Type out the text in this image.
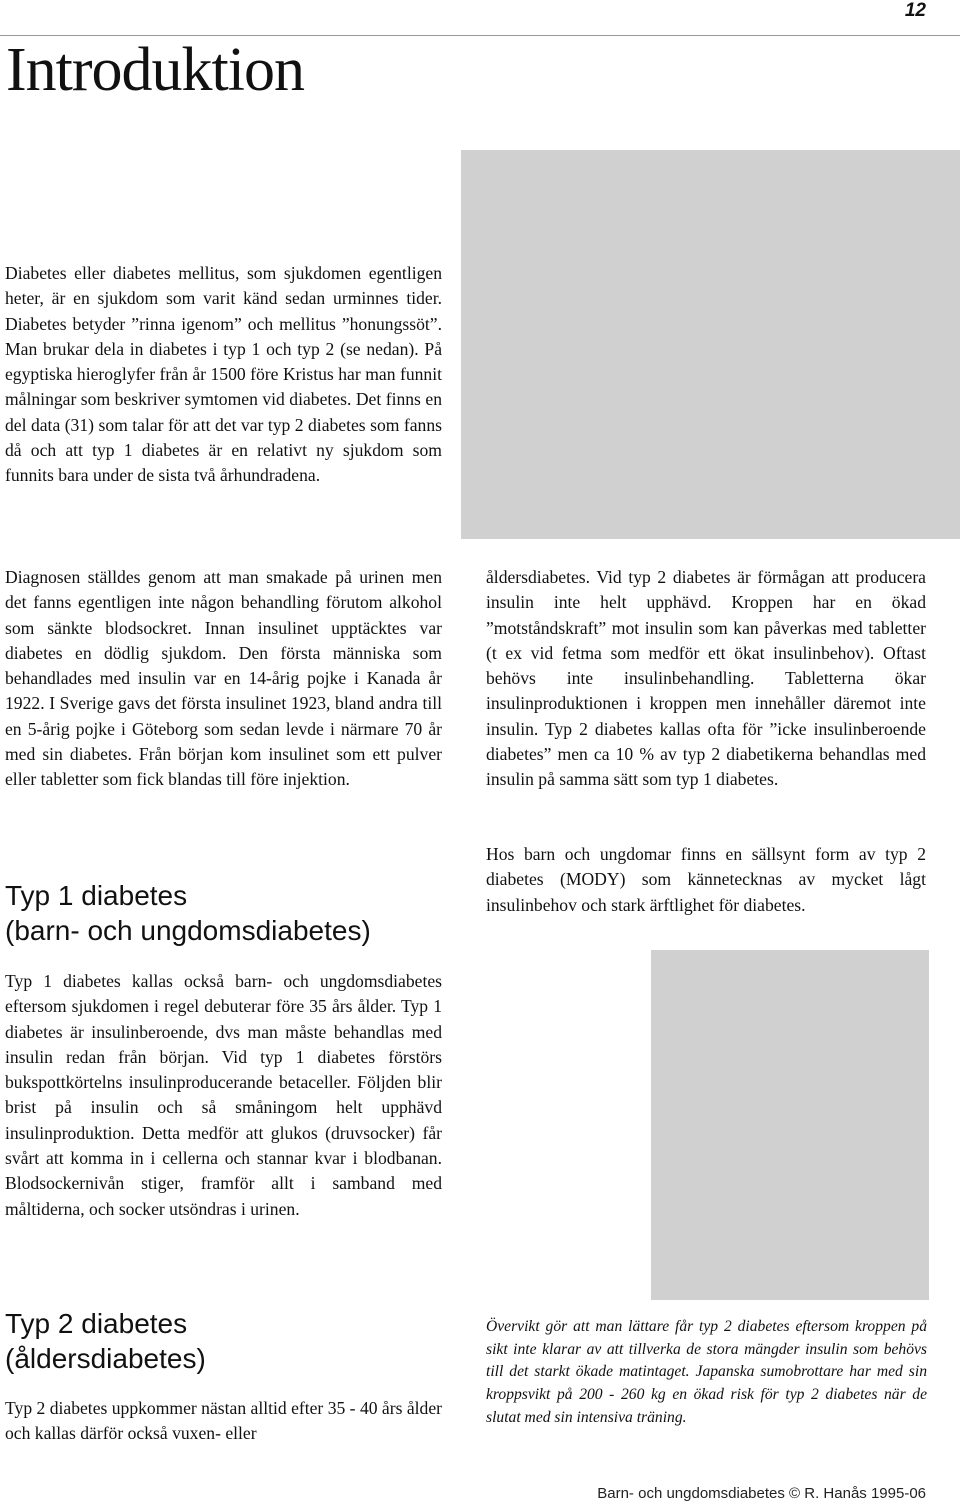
12
Introduktion

Diabetes eller diabetes mellitus, som sjukdomen egentligen heter, är en sjukdom som varit känd sedan urminnes tider. Diabetes betyder ”rinna igenom” och mellitus ”honungssöt”. Man brukar dela in diabetes i typ 1 och typ 2 (se nedan). På egyptiska hieroglyfer från år 1500 före Kristus har man funnit målningar som beskriver symtomen vid diabetes. Det finns en del data (31) som talar för att det var typ 2 diabetes som fanns då och att typ 1 diabetes är en relativt ny sjukdom som funnits bara under de sista två århundradena.

Diagnosen ställdes genom att man smakade på urinen men det fanns egentligen inte någon behandling förutom alkohol som sänkte blodsockret. Innan insulinet upptäcktes var diabetes en dödlig sjukdom. Den första människa som behandlades med insulin var en 14-årig pojke i Kanada år 1922. I Sverige gavs det första insulinet 1923, bland andra till en 5-årig pojke i Göteborg som sedan levde i närmare 70 år med sin diabetes. Från början kom insulinet som ett pulver eller tabletter som fick blandas till före injektion.

Typ 1 diabetes
(barn- och ungdomsdiabetes)

Typ 1 diabetes kallas också barn- och ungdomsdiabetes eftersom sjukdomen i regel debuterar före 35 års ålder. Typ 1 diabetes är insulinberoende, dvs man måste behandlas med insulin redan från början. Vid typ 1 diabetes förstörs bukspottkörtelns insulinproducerande betaceller. Följden blir brist på insulin och så småningom helt upphävd insulinproduktion. Detta medför att glukos (druvsocker) får svårt att komma in i cellerna och stannar kvar i blodbanan. Blodsockernivån stiger, framför allt i samband med måltiderna, och socker utsöndras i urinen.

Typ 2 diabetes
(åldersdiabetes)

Typ 2 diabetes uppkommer nästan alltid efter 35 - 40 års ålder och kallas därför också vuxen- eller

åldersdiabetes. Vid typ 2 diabetes är förmågan att producera insulin inte helt upphävd. Kroppen har en ökad ”motståndskraft” mot insulin som kan påverkas med tabletter (t ex vid fetma som medför ett ökat insulinbehov). Oftast behövs inte insulinbehandling. Tabletterna ökar insulinproduktionen i kroppen men innehåller däremot inte insulin. Typ 2 diabetes kallas ofta för ”icke insulinberoende diabetes” men ca 10 % av typ 2 diabetikerna behandlas med insulin på samma sätt som typ 1 diabetes.

Hos barn och ungdomar finns en sällsynt form av typ 2 diabetes (MODY) som kännetecknas av mycket lågt insulinbehov och stark ärftlighet för diabetes.

Övervikt gör att man lättare får typ 2 diabetes eftersom kroppen på sikt inte klarar av att tillverka de stora mängder insulin som behövs till det starkt ökade matintaget. Japanska sumobrottare har med sin kroppsvikt på 200 - 260 kg en ökad risk för typ 2 diabetes när de slutat med sin intensiva träning.

Barn- och ungdomsdiabetes © R. Hanås 1995-06
